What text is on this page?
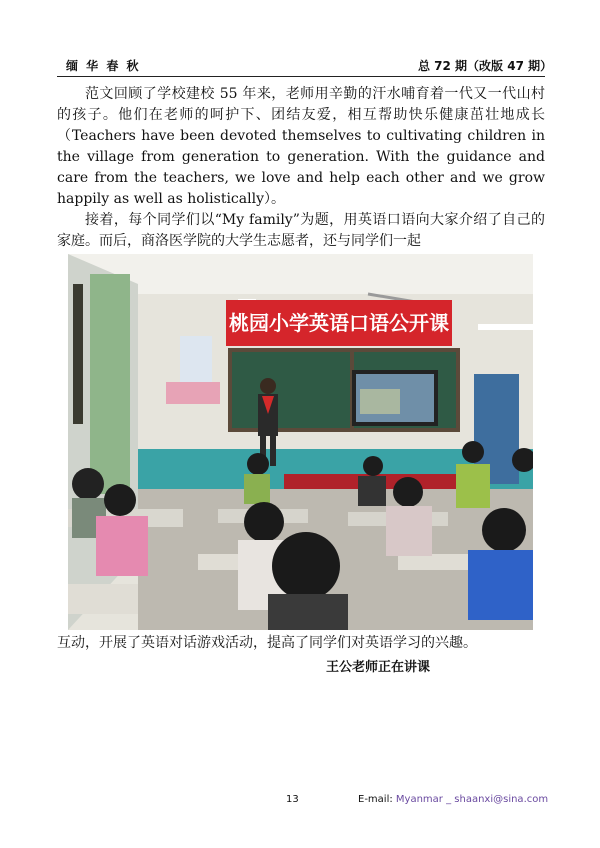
缅 华 春 秋	总 72 期（改版 47 期）
范文回顾了学校建校 55 年来，老师用辛勤的汗水哺育着一代又一代山村的孩子。他们在老师的呵护下、团结友爱，相互帮助快乐健康茁壮地成长（Teachers have been devoted themselves to cultivating children in the village from generation to generation. With the guidance and care from the teachers, we love and help each other and we grow happily as well as holistically）。
接着，每个同学们以“My family”为题，用英语口语向大家介绍了自己的家庭。而后，商洛医学院的大学生志愿者，还与同学们一起
桃园小学英语口语公开课
互动，开展了英语对话游戏活动，提高了同学们对英语学习的兴趣。
王公老师正在讲课
13	E-mail: Myanmar _ shaanxi@sina.com
